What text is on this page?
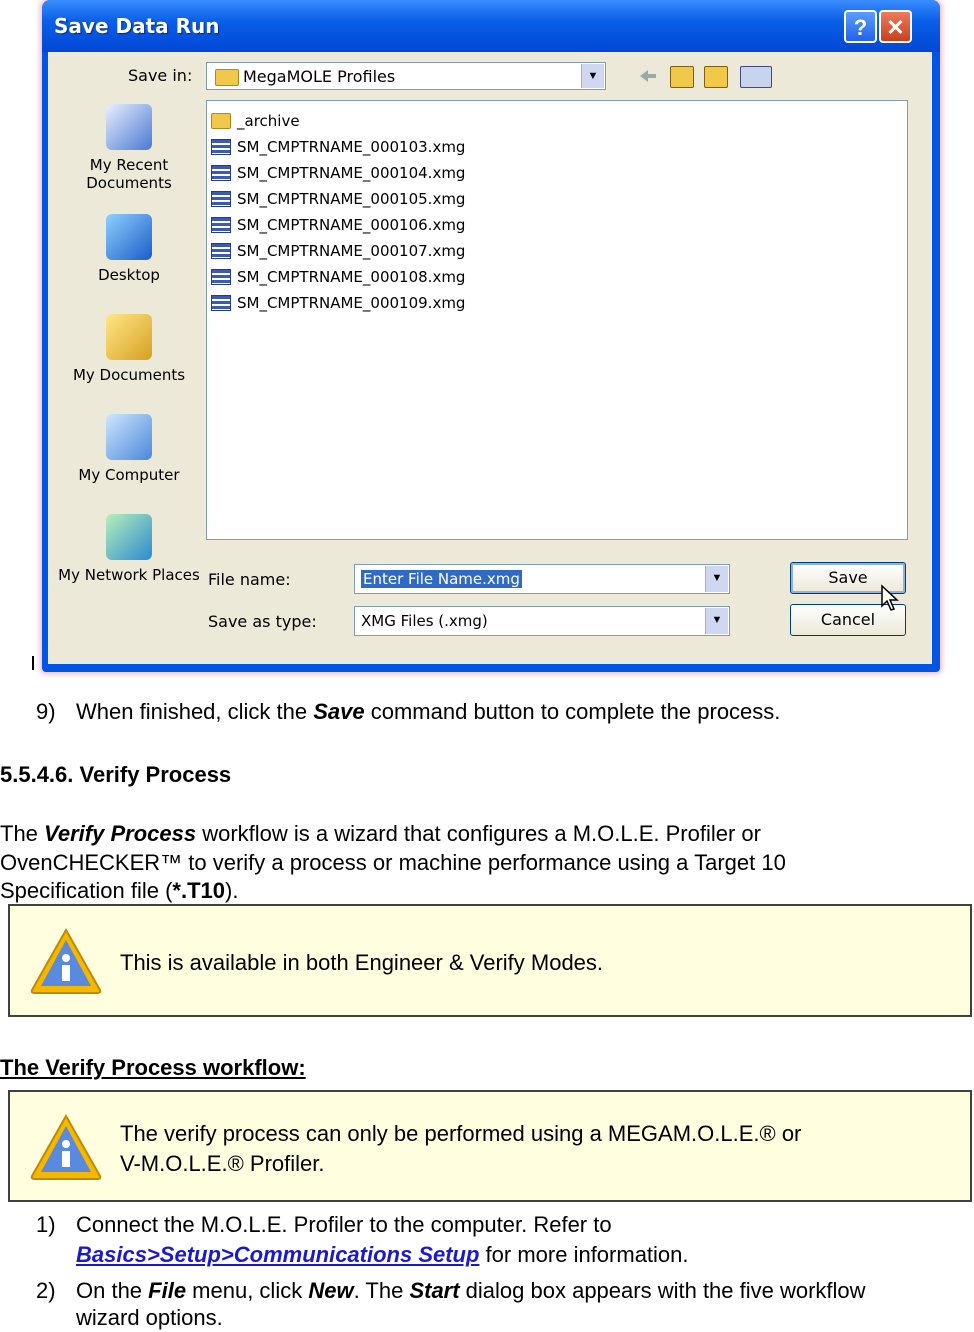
Save Data Run	? ✕
Save in:	MegaMOLE Profiles	▼
My Recent Documents
Desktop
My Documents
My Computer
My Network Places
_archive
SM_CMPTRNAME_000103.xmg
SM_CMPTRNAME_000104.xmg
SM_CMPTRNAME_000105.xmg
SM_CMPTRNAME_000106.xmg
SM_CMPTRNAME_000107.xmg
SM_CMPTRNAME_000108.xmg
SM_CMPTRNAME_000109.xmg
File name:	Enter File Name.xmg	▼
Save as type:	XMG Files (.xmg)	▼
Save
Cancel
9) When finished, click the Save command button to complete the process.
5.5.4.6. Verify Process
The Verify Process workflow is a wizard that configures a M.O.L.E. Profiler or
OvenCHECKER™ to verify a process or machine performance using a Target 10
Specification file (*.T10).
This is available in both Engineer & Verify Modes.
The Verify Process workflow:
The verify process can only be performed using a MEGAM.O.L.E.® or
V-M.O.L.E.® Profiler.
1) Connect the M.O.L.E. Profiler to the computer. Refer to
Basics>Setup>Communications Setup for more information.
2) On the File menu, click New. The Start dialog box appears with the five workflow
wizard options.
